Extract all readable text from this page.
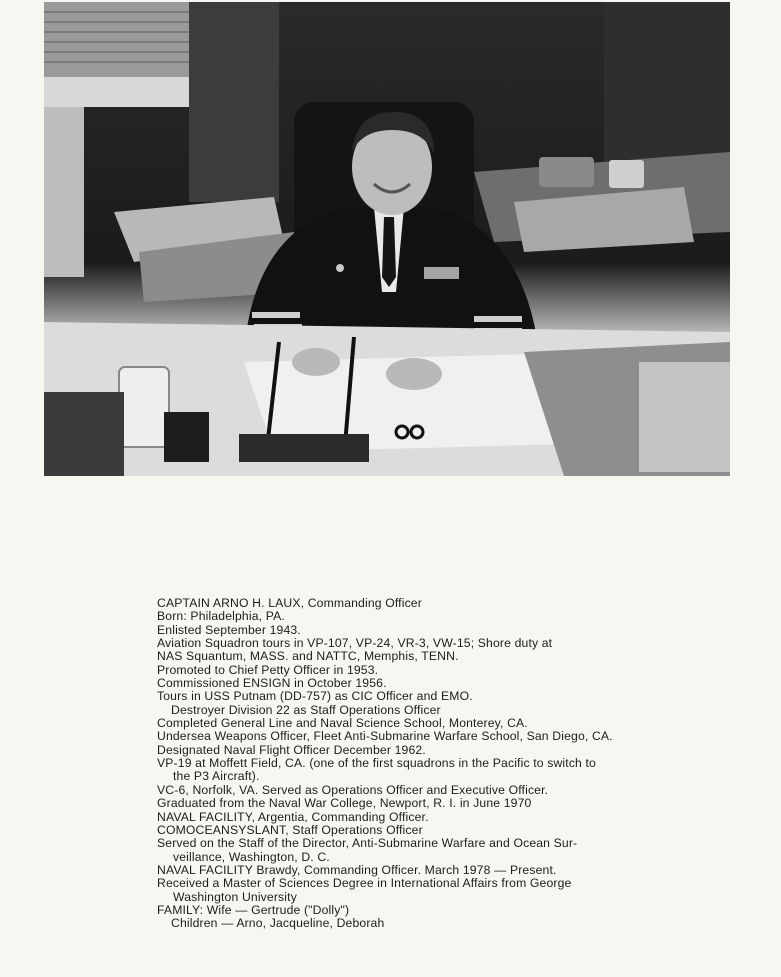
CAPTAIN ARNO H. LAUX, Commanding Officer
Born: Philadelphia, PA.
Enlisted September 1943.
Aviation Squadron tours in VP-107, VP-24, VR-3, VW-15; Shore duty at
NAS Squantum, MASS. and NATTC, Memphis, TENN.
Promoted to Chief Petty Officer in 1953.
Commissioned ENSIGN in October 1956.
Tours in USS Putnam (DD-757) as CIC Officer and EMO.
Destroyer Division 22 as Staff Operations Officer
Completed General Line and Naval Science School, Monterey, CA.
Undersea Weapons Officer, Fleet Anti-Submarine Warfare School, San Diego, CA.
Designated Naval Flight Officer December 1962.
VP-19 at Moffett Field, CA. (one of the first squadrons in the Pacific to switch to
the P3 Aircraft).
VC-6, Norfolk, VA. Served as Operations Officer and Executive Officer.
Graduated from the Naval War College, Newport, R. I. in June 1970
NAVAL FACILITY, Argentia, Commanding Officer.
COMOCEANSYSLANT, Staff Operations Officer
Served on the Staff of the Director, Anti-Submarine Warfare and Ocean Sur-
veillance, Washington, D. C.
NAVAL FACILITY Brawdy, Commanding Officer. March 1978 — Present.
Received a Master of Sciences Degree in International Affairs from George
Washington University
FAMILY: Wife — Gertrude ("Dolly")
Children — Arno, Jacqueline, Deborah
